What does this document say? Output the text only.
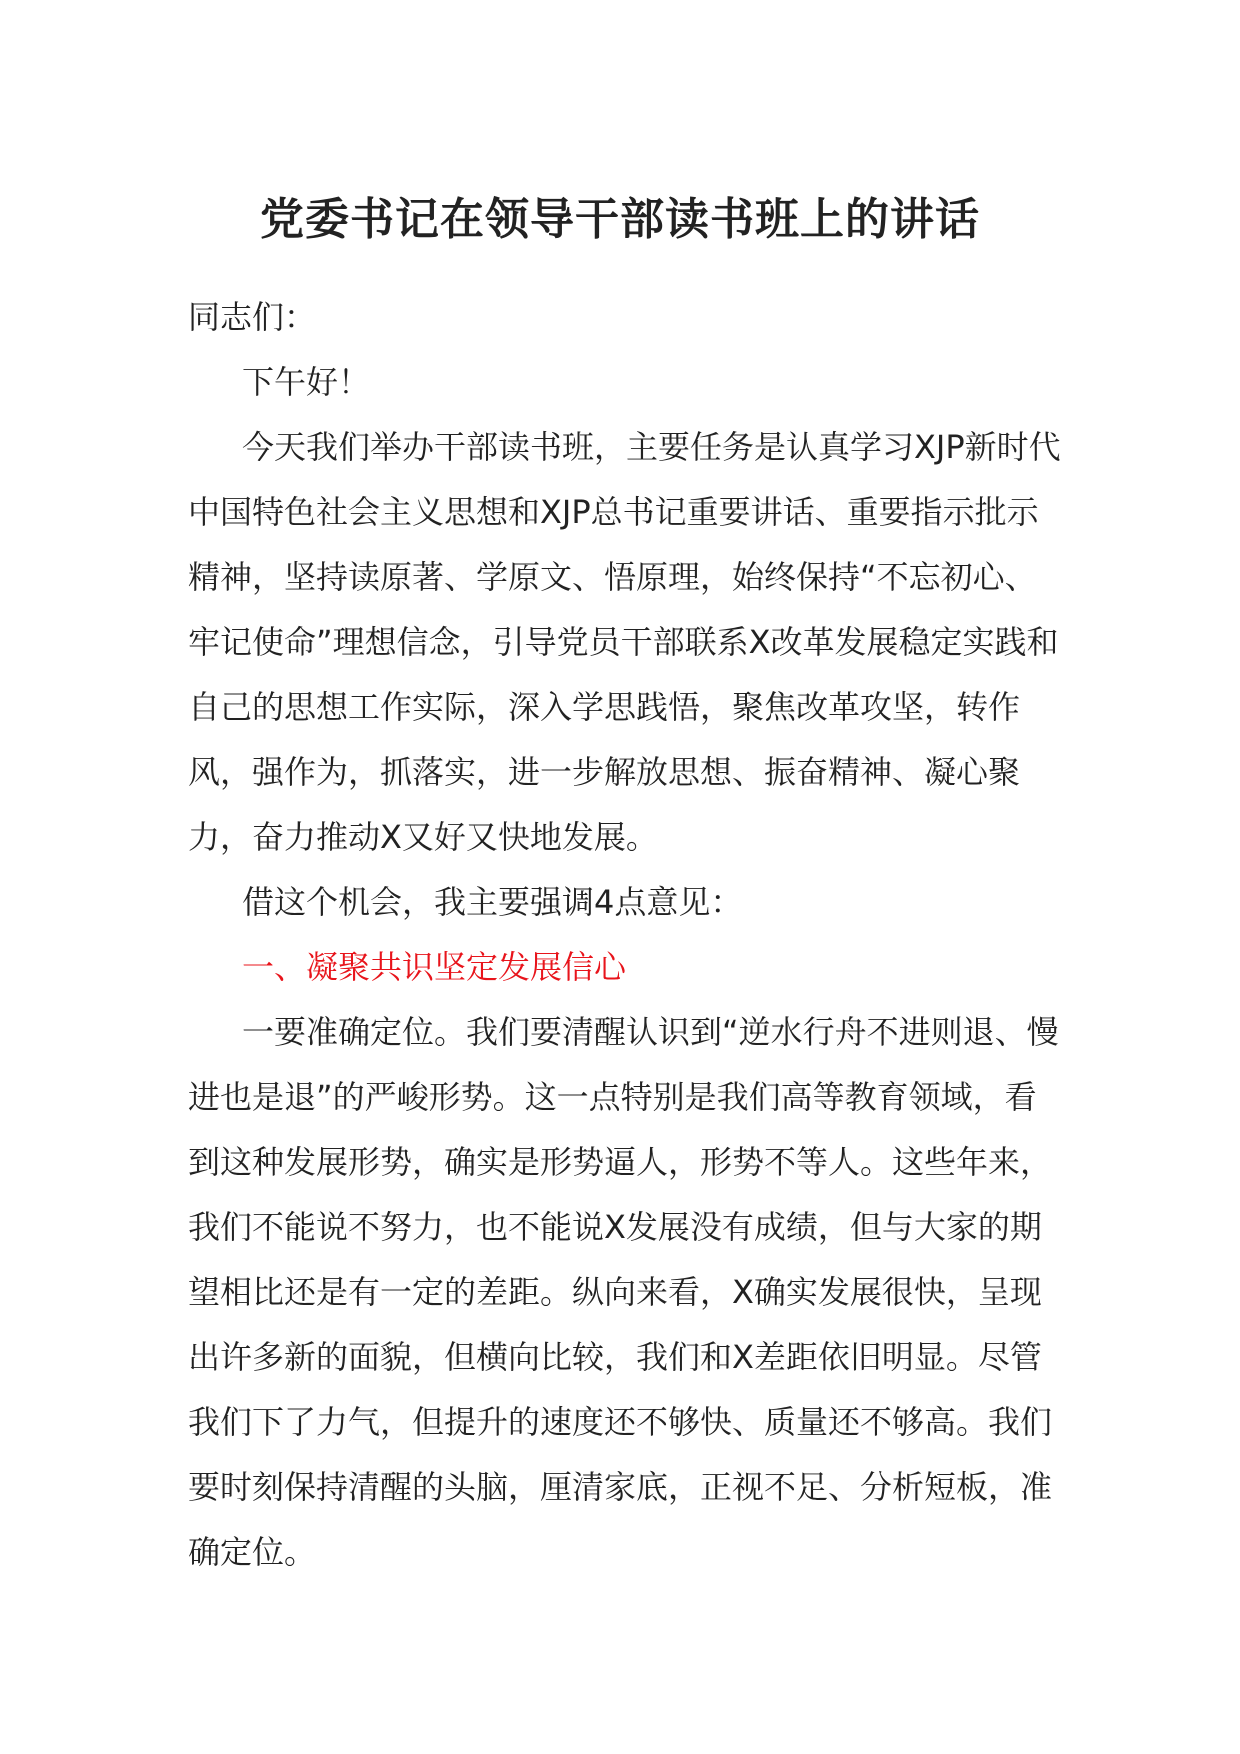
党委书记在领导干部读书班上的讲话

同志们：

下午好！

今天我们举办干部读书班，主要任务是认真学习XJP新时代中国特色社会主义思想和XJP总书记重要讲话、重要指示批示精神，坚持读原著、学原文、悟原理，始终保持“不忘初心、牢记使命”理想信念，引导党员干部联系X改革发展稳定实践和自己的思想工作实际，深入学思践悟，聚焦改革攻坚，转作风，强作为，抓落实，进一步解放思想、振奋精神、凝心聚力，奋力推动X又好又快地发展。

借这个机会，我主要强调4点意见：

一、凝聚共识坚定发展信心

一要准确定位。我们要清醒认识到“逆水行舟不进则退、慢进也是退”的严峻形势。这一点特别是我们高等教育领域，看到这种发展形势，确实是形势逼人，形势不等人。这些年来，我们不能说不努力，也不能说X发展没有成绩，但与大家的期望相比还是有一定的差距。纵向来看，X确实发展很快，呈现出许多新的面貌，但横向比较，我们和X差距依旧明显。尽管我们下了力气，但提升的速度还不够快、质量还不够高。我们要时刻保持清醒的头脑，厘清家底，正视不足、分析短板，准确定位。
